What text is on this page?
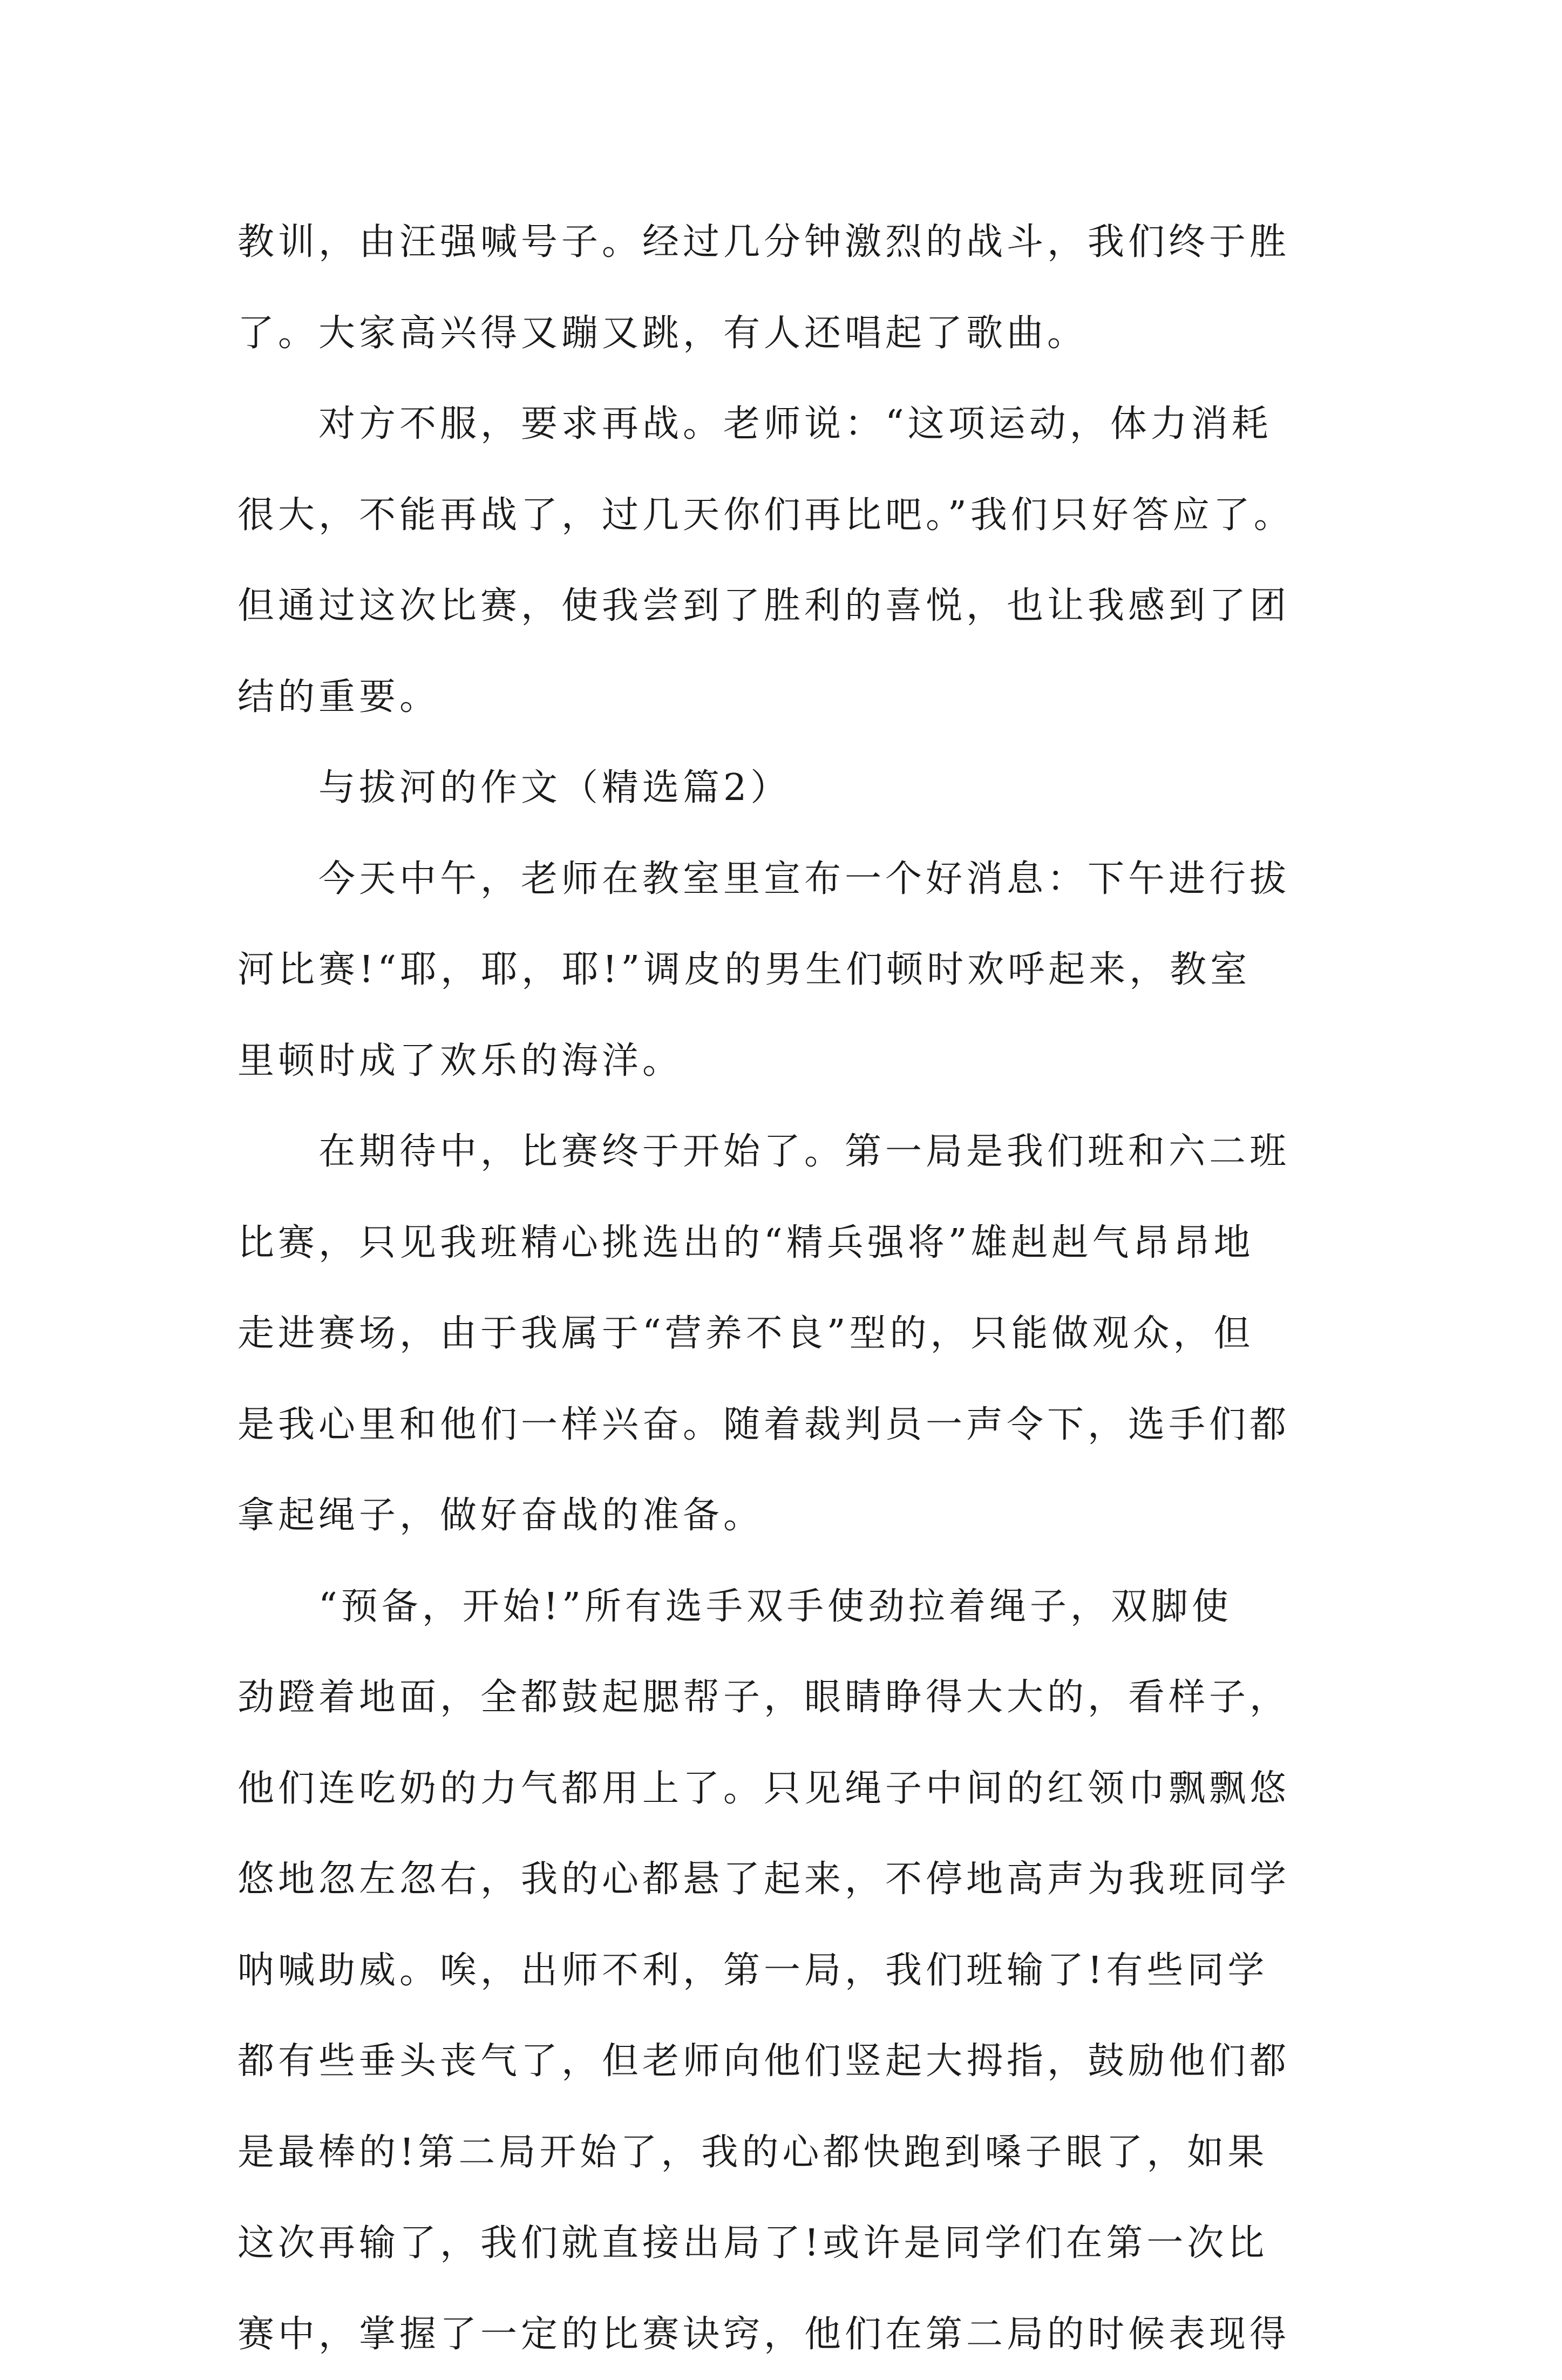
教训，由汪强喊号子。经过几分钟激烈的战斗，我们终于胜
了。大家高兴得又蹦又跳，有人还唱起了歌曲。
对方不服，要求再战。老师说：“这项运动，体力消耗
很大，不能再战了，过几天你们再比吧。”我们只好答应了。
但通过这次比赛，使我尝到了胜利的喜悦，也让我感到了团
结的重要。
与拔河的作文（精选篇2）
今天中午，老师在教室里宣布一个好消息：下午进行拔
河比赛!“耶，耶，耶!”调皮的男生们顿时欢呼起来，教室
里顿时成了欢乐的海洋。
在期待中，比赛终于开始了。第一局是我们班和六二班
比赛，只见我班精心挑选出的“精兵强将”雄赳赳气昂昂地
走进赛场，由于我属于“营养不良”型的，只能做观众，但
是我心里和他们一样兴奋。随着裁判员一声令下，选手们都
拿起绳子，做好奋战的准备。
“预备，开始!”所有选手双手使劲拉着绳子，双脚使
劲蹬着地面，全都鼓起腮帮子，眼睛睁得大大的，看样子，
他们连吃奶的力气都用上了。只见绳子中间的红领巾飘飘悠
悠地忽左忽右，我的心都悬了起来，不停地高声为我班同学
呐喊助威。唉，出师不利，第一局，我们班输了!有些同学
都有些垂头丧气了，但老师向他们竖起大拇指，鼓励他们都
是最棒的!第二局开始了，我的心都快跑到嗓子眼了，如果
这次再输了，我们就直接出局了!或许是同学们在第一次比
赛中，掌握了一定的比赛诀窍，他们在第二局的时候表现得
